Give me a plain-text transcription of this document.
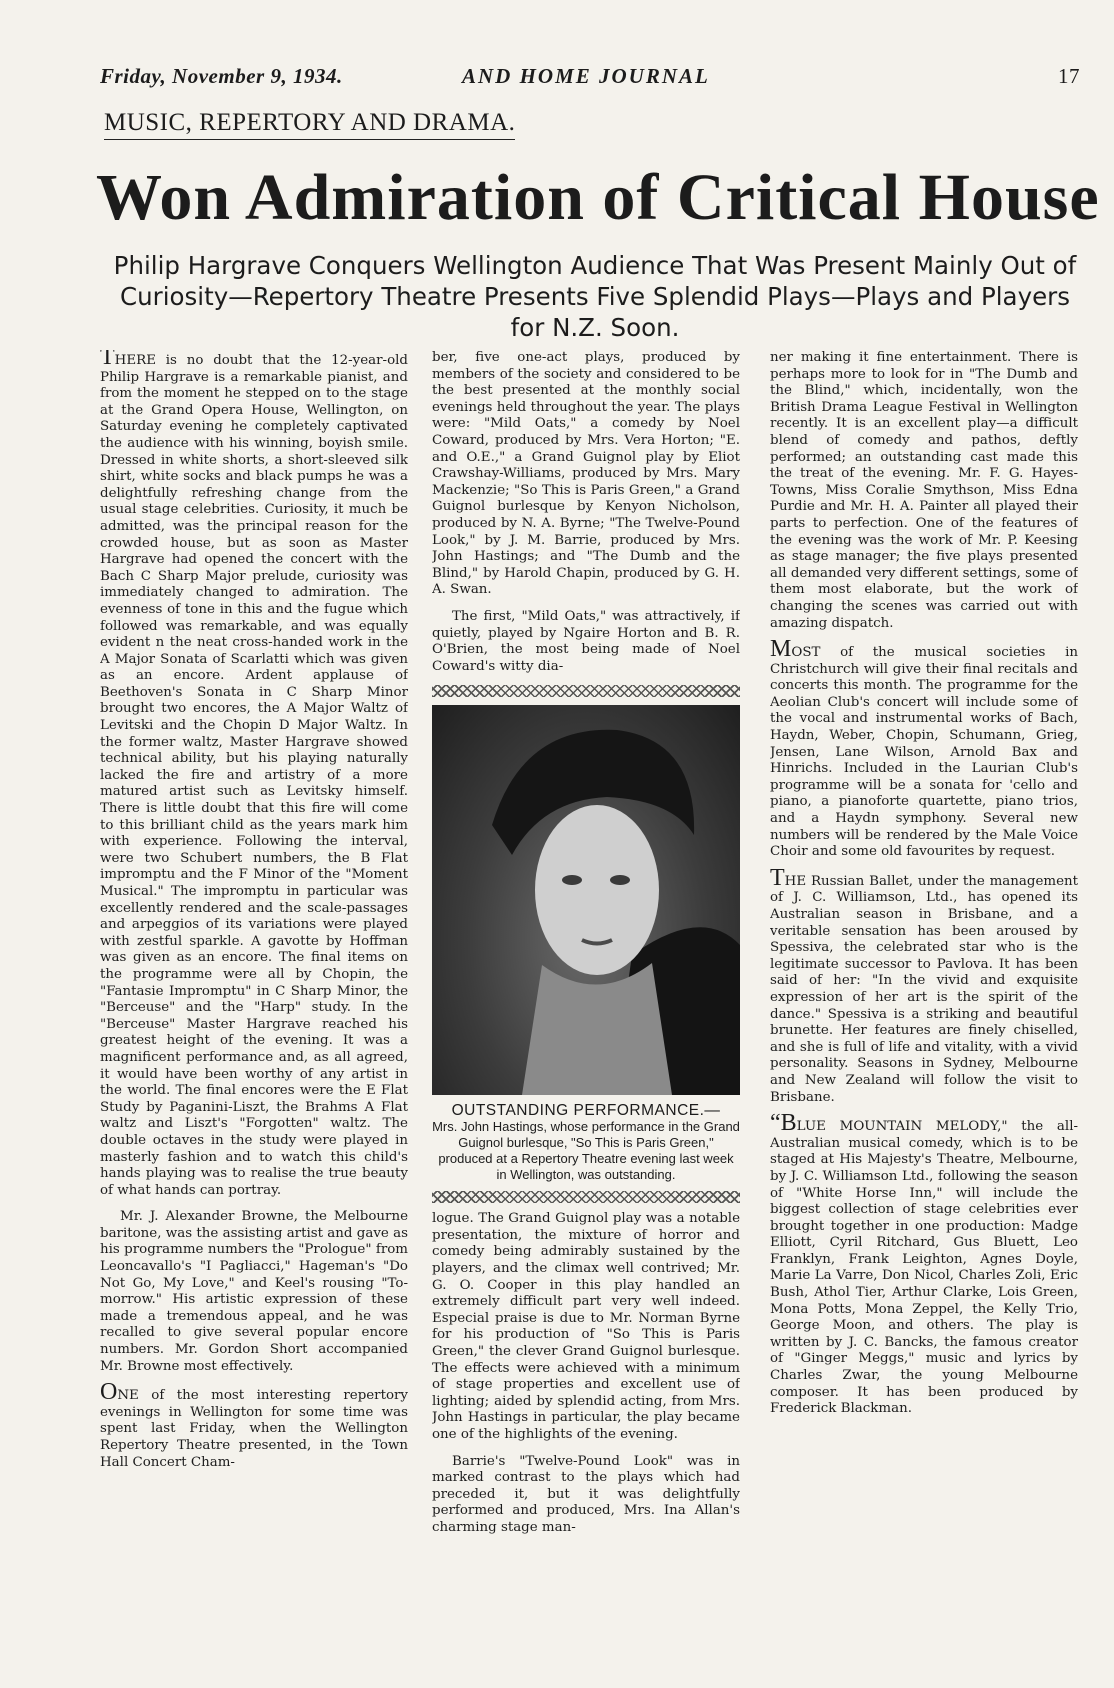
Friday, November 9, 1934.	AND HOME JOURNAL	17
MUSIC, REPERTORY AND DRAMA.
Won Admiration of Critical House
Philip Hargrave Conquers Wellington Audience That Was Present Mainly Out of Curiosity—Repertory Theatre Presents Five Splendid Plays—Plays and Players for N.Z. Soon.

THERE is no doubt that the 12-year-old Philip Hargrave is a remarkable pianist, and from the moment he stepped on to the stage at the Grand Opera House, Wellington, on Saturday evening he completely captivated the audience with his winning, boyish smile. Dressed in white shorts, a short-sleeved silk shirt, white socks and black pumps he was a delightfully refreshing change from the usual stage celebrities. Curiosity, it much be admitted, was the principal reason for the crowded house, but as soon as Master Hargrave had opened the concert with the Bach C Sharp Major prelude, curiosity was immediately changed to admiration. The evenness of tone in this and the fugue which followed was remarkable, and was equally evident n the neat cross-handed work in the A Major Sonata of Scarlatti which was given as an encore. Ardent applause of Beethoven's Sonata in C Sharp Minor brought two encores, the A Major Waltz of Levitski and the Chopin D Major Waltz. In the former waltz, Master Hargrave showed technical ability, but his playing naturally lacked the fire and artistry of a more matured artist such as Levitsky himself. There is little doubt that this fire will come to this brilliant child as the years mark him with experience. Following the interval, were two Schubert numbers, the B Flat impromptu and the F Minor of the "Moment Musical." The impromptu in particular was excellently rendered and the scale-passages and arpeggios of its variations were played with zestful sparkle. A gavotte by Hoffman was given as an encore. The final items on the programme were all by Chopin, the "Fantasie Impromptu" in C Sharp Minor, the "Berceuse" and the "Harp" study. In the "Berceuse" Master Hargrave reached his greatest height of the evening. It was a magnificent performance and, as all agreed, it would have been worthy of any artist in the world. The final encores were the E Flat Study by Paganini-Liszt, the Brahms A Flat waltz and Liszt's "Forgotten" waltz. The double octaves in the study were played in masterly fashion and to watch this child's hands playing was to realise the true beauty of what hands can portray.

Mr. J. Alexander Browne, the Melbourne baritone, was the assisting artist and gave as his programme numbers the "Prologue" from Leoncavallo's "I Pagliacci," Hageman's "Do Not Go, My Love," and Keel's rousing "To-morrow." His artistic expression of these made a tremendous appeal, and he was recalled to give several popular encore numbers. Mr. Gordon Short accompanied Mr. Browne most effectively.

ONE of the most interesting repertory evenings in Wellington for some time was spent last Friday, when the Wellington Repertory Theatre presented, in the Town Hall Concert Cham-

ber, five one-act plays, produced by members of the society and considered to be the best presented at the monthly social evenings held throughout the year. The plays were: "Mild Oats," a comedy by Noel Coward, produced by Mrs. Vera Horton; "E. and O.E.," a Grand Guignol play by Eliot Crawshay-Williams, produced by Mrs. Mary Mackenzie; "So This is Paris Green," a Grand Guignol burlesque by Kenyon Nicholson, produced by N. A. Byrne; "The Twelve-Pound Look," by J. M. Barrie, produced by Mrs. John Hastings; and "The Dumb and the Blind," by Harold Chapin, produced by G. H. A. Swan.

The first, "Mild Oats," was attractively, if quietly, played by Ngaire Horton and B. R. O'Brien, the most being made of Noel Coward's witty dia-

OUTSTANDING PERFORMANCE.—
Mrs. John Hastings, whose performance in the Grand Guignol burlesque, "So This is Paris Green," produced at a Repertory Theatre evening last week in Wellington, was outstanding.

logue. The Grand Guignol play was a notable presentation, the mixture of horror and comedy being admirably sustained by the players, and the climax well contrived; Mr. G. O. Cooper in this play handled an extremely difficult part very well indeed. Especial praise is due to Mr. Norman Byrne for his production of "So This is Paris Green," the clever Grand Guignol burlesque. The effects were achieved with a minimum of stage properties and excellent use of lighting; aided by splendid acting, from Mrs. John Hastings in particular, the play became one of the highlights of the evening.

Barrie's "Twelve-Pound Look" was in marked contrast to the plays which had preceded it, but it was delightfully performed and produced, Mrs. Ina Allan's charming stage man-

ner making it fine entertainment. There is perhaps more to look for in "The Dumb and the Blind," which, incidentally, won the British Drama League Festival in Wellington recently. It is an excellent play—a difficult blend of comedy and pathos, deftly performed; an outstanding cast made this the treat of the evening. Mr. F. G. Hayes-Towns, Miss Coralie Smythson, Miss Edna Purdie and Mr. H. A. Painter all played their parts to perfection. One of the features of the evening was the work of Mr. P. Keesing as stage manager; the five plays presented all demanded very different settings, some of them most elaborate, but the work of changing the scenes was carried out with amazing dispatch.

MOST of the musical societies in Christchurch will give their final recitals and concerts this month. The programme for the Aeolian Club's concert will include some of the vocal and instrumental works of Bach, Haydn, Weber, Chopin, Schumann, Grieg, Jensen, Lane Wilson, Arnold Bax and Hinrichs. Included in the Laurian Club's programme will be a sonata for 'cello and piano, a pianoforte quartette, piano trios, and a Haydn symphony. Several new numbers will be rendered by the Male Voice Choir and some old favourites by request.

THE Russian Ballet, under the management of J. C. Williamson, Ltd., has opened its Australian season in Brisbane, and a veritable sensation has been aroused by Spessiva, the celebrated star who is the legitimate successor to Pavlova. It has been said of her: "In the vivid and exquisite expression of her art is the spirit of the dance." Spessiva is a striking and beautiful brunette. Her features are finely chiselled, and she is full of life and vitality, with a vivid personality. Seasons in Sydney, Melbourne and New Zealand will follow the visit to Brisbane.

“BLUE MOUNTAIN MELODY," the all-Australian musical comedy, which is to be staged at His Majesty's Theatre, Melbourne, by J. C. Williamson Ltd., following the season of "White Horse Inn," will include the biggest collection of stage celebrities ever brought together in one production: Madge Elliott, Cyril Ritchard, Gus Bluett, Leo Franklyn, Frank Leighton, Agnes Doyle, Marie La Varre, Don Nicol, Charles Zoli, Eric Bush, Athol Tier, Arthur Clarke, Lois Green, Mona Potts, Mona Zeppel, the Kelly Trio, George Moon, and others. The play is written by J. C. Bancks, the famous creator of "Ginger Meggs," music and lyrics by Charles Zwar, the young Melbourne composer. It has been produced by Frederick Blackman.
